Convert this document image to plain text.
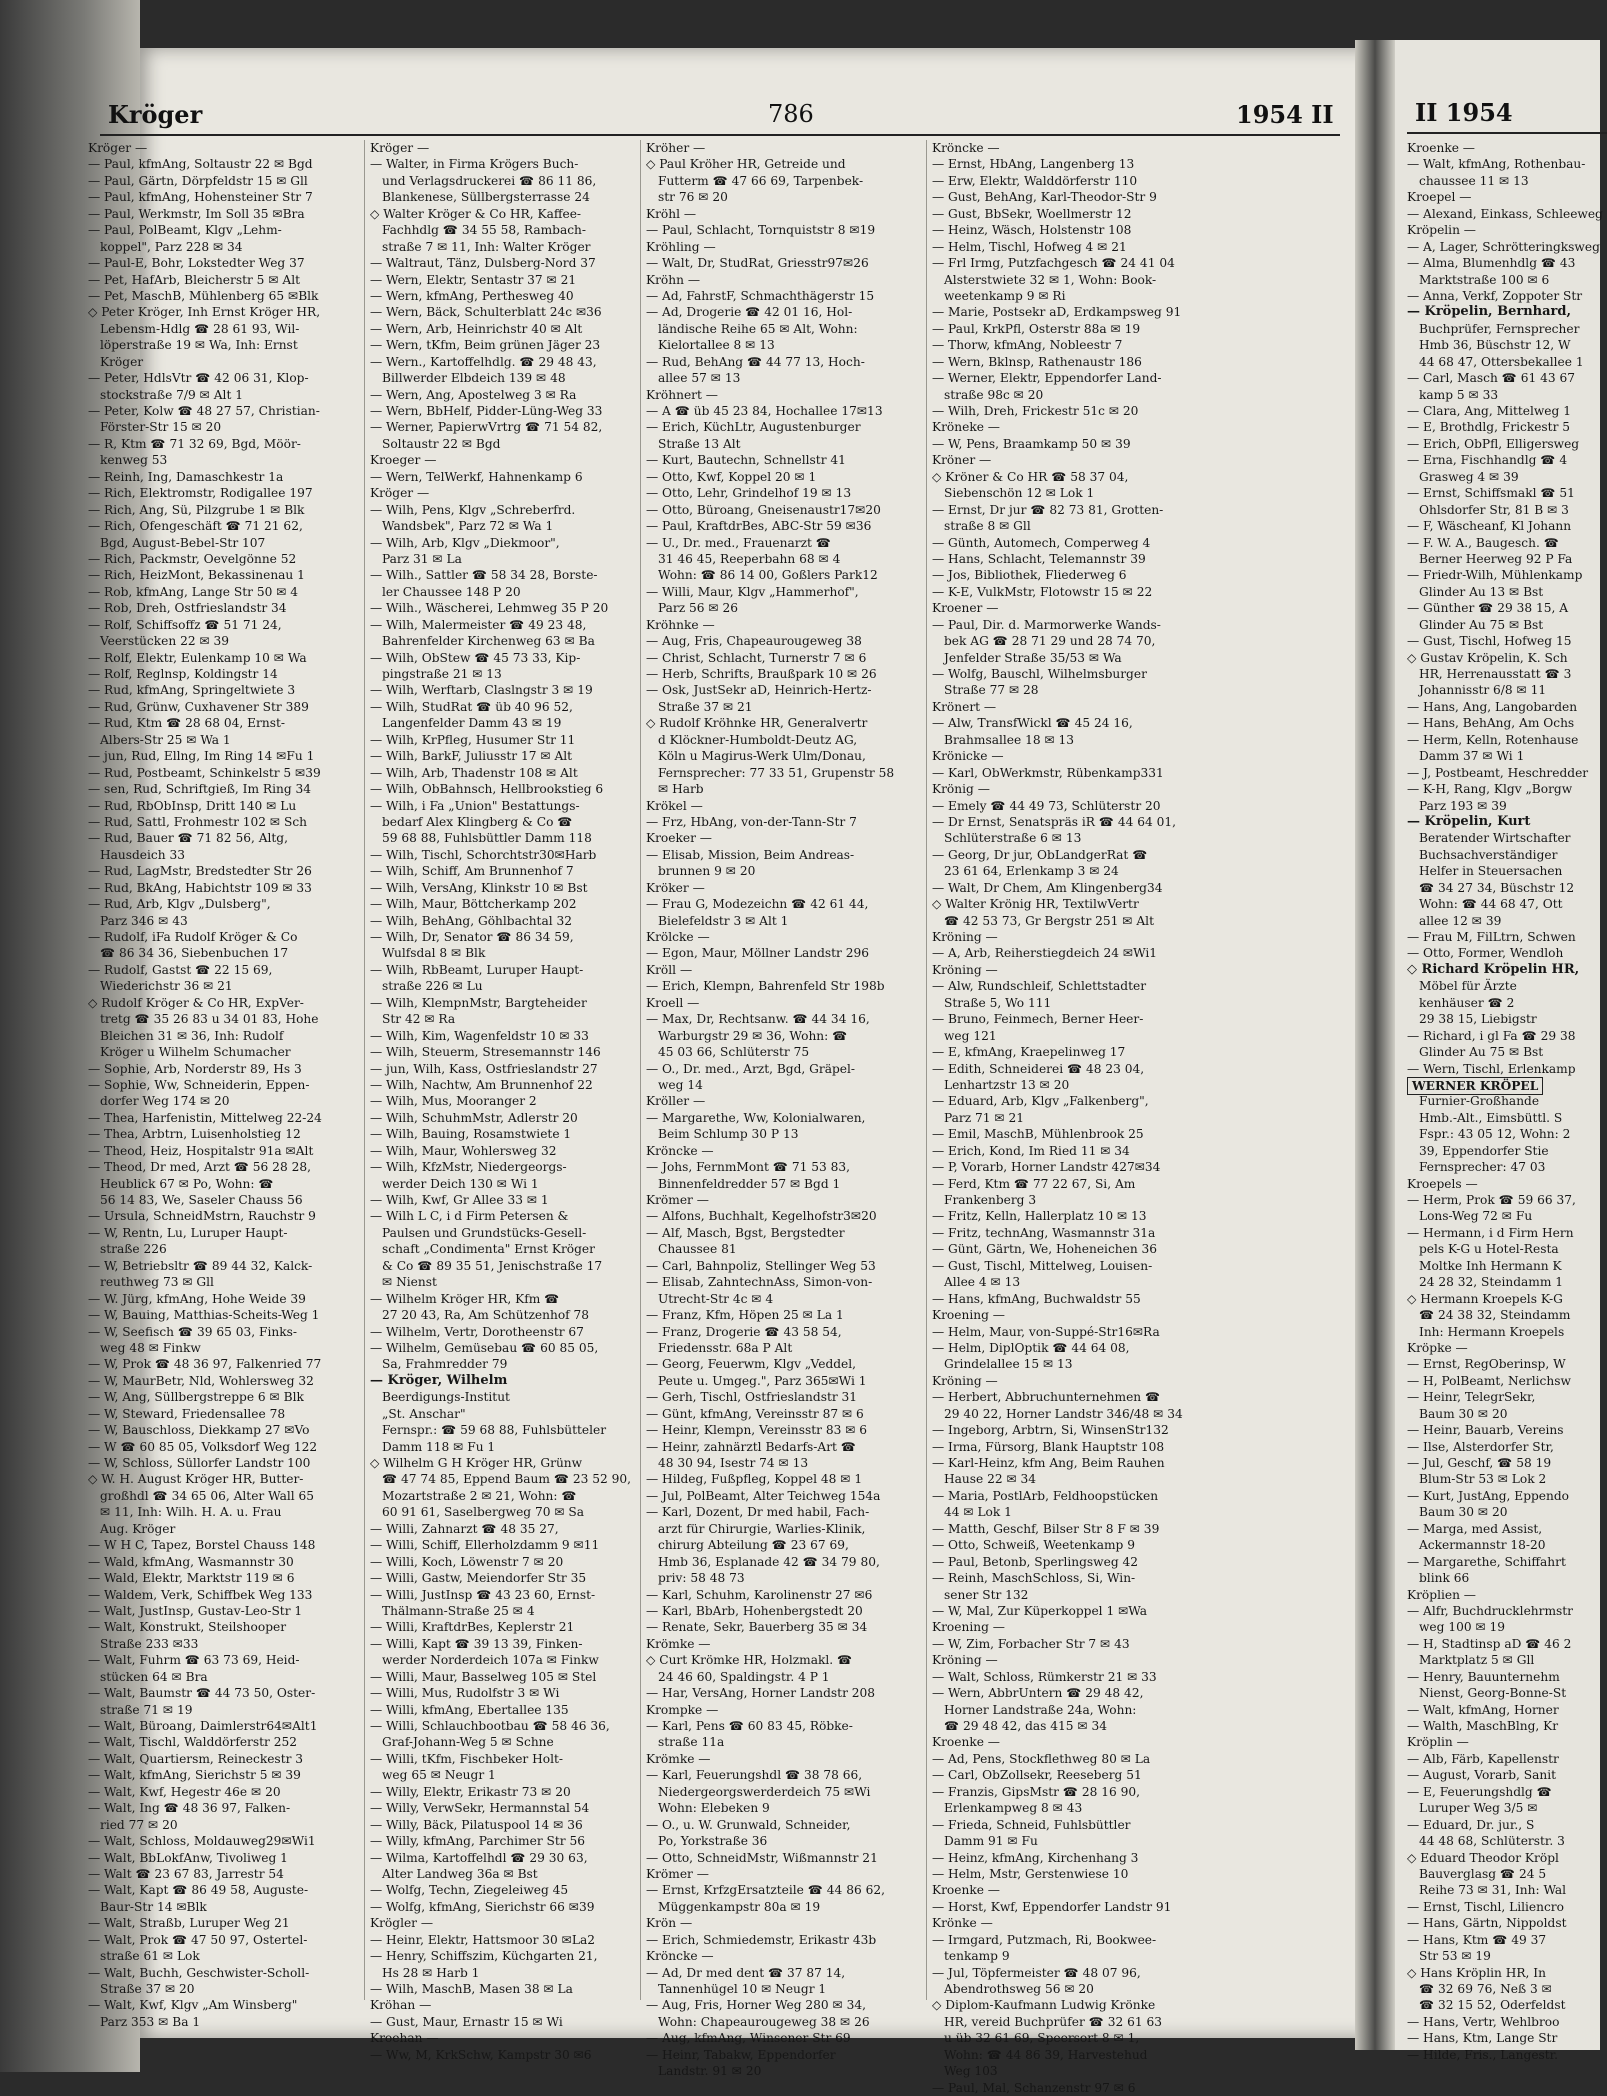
Kröger	786	1954 II
Kröger —
— Paul, kfmAng, Soltaustr 22 ✉ Bgd
— Paul, Gärtn, Dörpfeldstr 15 ✉ Gll
— Paul, kfmAng, Hohensteiner Str 7
— Paul, Werkmstr, Im Soll 35 ✉Bra
— Paul, PolBeamt, Klgv „Lehm-
koppel", Parz 228 ✉ 34
— Paul-E, Bohr, Lokstedter Weg 37
— Pet, HafArb, Bleicherstr 5 ✉ Alt
— Pet, MaschB, Mühlenberg 65 ✉Blk
◇ Peter Kröger, Inh Ernst Kröger HR,
Lebensm-Hdlg ☎ 28 61 93, Wil-
löperstraße 19 ✉ Wa, Inh: Ernst
Kröger
— Peter, HdlsVtr ☎ 42 06 31, Klop-
stockstraße 7/9 ✉ Alt 1
— Peter, Kolw ☎ 48 27 57, Christian-
Förster-Str 15 ✉ 20
— R, Ktm ☎ 71 32 69, Bgd, Möör-
kenweg 53
— Reinh, Ing, Damaschkestr 1a
— Rich, Elektromstr, Rodigallee 197
— Rich, Ang, Sü, Pilzgrube 1 ✉ Blk
— Rich, Ofengeschäft ☎ 71 21 62,
Bgd, August-Bebel-Str 107
— Rich, Packmstr, Oevelgönne 52
— Rich, HeizMont, Bekassinenau 1
— Rob, kfmAng, Lange Str 50 ✉ 4
— Rob, Dreh, Ostfrieslandstr 34
— Rolf, Schiffsoffz ☎ 51 71 24,
Veerstücken 22 ✉ 39
— Rolf, Elektr, Eulenkamp 10 ✉ Wa
— Rolf, Reglnsp, Koldingstr 14
— Rud, kfmAng, Springeltwiete 3
— Rud, Grünw, Cuxhavener Str 389
— Rud, Ktm ☎ 28 68 04, Ernst-
Albers-Str 25 ✉ Wa 1
— jun, Rud, Ellng, Im Ring 14 ✉Fu 1
— Rud, Postbeamt, Schinkelstr 5 ✉39
— sen, Rud, Schriftgieß, Im Ring 34
— Rud, RbObInsp, Dritt 140 ✉ Lu
— Rud, Sattl, Frohmestr 102 ✉ Sch
— Rud, Bauer ☎ 71 82 56, Altg,
Hausdeich 33
— Rud, LagMstr, Bredstedter Str 26
— Rud, BkAng, Habichtstr 109 ✉ 33
— Rud, Arb, Klgv „Dulsberg",
Parz 346 ✉ 43
— Rudolf, iFa Rudolf Kröger & Co
☎ 86 34 36, Siebenbuchen 17
— Rudolf, Gastst ☎ 22 15 69,
Wiederichstr 36 ✉ 21
◇ Rudolf Kröger & Co HR, ExpVer-
tretg ☎ 35 26 83 u 34 01 83, Hohe
Bleichen 31 ✉ 36, Inh: Rudolf
Kröger u Wilhelm Schumacher
— Sophie, Arb, Norderstr 89, Hs 3
— Sophie, Ww, Schneiderin, Eppen-
dorfer Weg 174 ✉ 20
— Thea, Harfenistin, Mittelweg 22-24
— Thea, Arbtrn, Luisenholstieg 12
— Theod, Heiz, Hospitalstr 91a ✉Alt
— Theod, Dr med, Arzt ☎ 56 28 28,
Heublick 67 ✉ Po, Wohn: ☎
56 14 83, We, Saseler Chauss 56
— Ursula, SchneidMstrn, Rauchstr 9
— W, Rentn, Lu, Luruper Haupt-
straße 226
— W, Betriebsltr ☎ 89 44 32, Kalck-
reuthweg 73 ✉ Gll
— W. Jürg, kfmAng, Hohe Weide 39
— W, Bauing, Matthias-Scheits-Weg 1
— W, Seefisch ☎ 39 65 03, Finks-
weg 48 ✉ Finkw
— W, Prok ☎ 48 36 97, Falkenried 77
— W, MaurBetr, Nld, Wohlersweg 32
— W, Ang, Süllbergstreppe 6 ✉ Blk
— W, Steward, Friedensallee 78
— W, Bauschloss, Diekkamp 27 ✉Vo
— W ☎ 60 85 05, Volksdorf Weg 122
— W, Schloss, Süllorfer Landstr 100
◇ W. H. August Kröger HR, Butter-
großhdl ☎ 34 65 06, Alter Wall 65
✉ 11, Inh: Wilh. H. A. u. Frau
Aug. Kröger
— W H C, Tapez, Borstel Chauss 148
— Wald, kfmAng, Wasmannstr 30
— Wald, Elektr, Marktstr 119 ✉ 6
— Waldem, Verk, Schiffbek Weg 133
— Walt, JustInsp, Gustav-Leo-Str 1
— Walt, Konstrukt, Steilshooper
Straße 233 ✉33
— Walt, Fuhrm ☎ 63 73 69, Heid-
stücken 64 ✉ Bra
— Walt, Baumstr ☎ 44 73 50, Oster-
straße 71 ✉ 19
— Walt, Büroang, Daimlerstr64✉Alt1
— Walt, Tischl, Walddörferstr 252
— Walt, Quartiersm, Reineckestr 3
— Walt, kfmAng, Sierichstr 5 ✉ 39
— Walt, Kwf, Hegestr 46e ✉ 20
— Walt, Ing ☎ 48 36 97, Falken-
ried 77 ✉ 20
— Walt, Schloss, Moldauweg29✉Wi1
— Walt, BbLokfAnw, Tivoliweg 1
— Walt ☎ 23 67 83, Jarrestr 54
— Walt, Kapt ☎ 86 49 58, Auguste-
Baur-Str 14 ✉Blk
— Walt, Straßb, Luruper Weg 21
— Walt, Prok ☎ 47 50 97, Ostertel-
straße 61 ✉ Lok
— Walt, Buchh, Geschwister-Scholl-
Straße 37 ✉ 20
— Walt, Kwf, Klgv „Am Winsberg"
Parz 353 ✉ Ba 1
Kröger —
— Walter, in Firma Krögers Buch-
und Verlagsdruckerei ☎ 86 11 86,
Blankenese, Süllbergsterrasse 24
◇ Walter Kröger & Co HR, Kaffee-
Fachhdlg ☎ 34 55 58, Rambach-
straße 7 ✉ 11, Inh: Walter Kröger
— Waltraut, Tänz, Dulsberg-Nord 37
— Wern, Elektr, Sentastr 37 ✉ 21
— Wern, kfmAng, Perthesweg 40
— Wern, Bäck, Schulterblatt 24c ✉36
— Wern, Arb, Heinrichstr 40 ✉ Alt
— Wern, tKfm, Beim grünen Jäger 23
— Wern., Kartoffelhdlg. ☎ 29 48 43,
Billwerder Elbdeich 139 ✉ 48
— Wern, Ang, Apostelweg 3 ✉ Ra
— Wern, BbHelf, Pidder-Lüng-Weg 33
— Werner, PapierwVrtrg ☎ 71 54 82,
Soltaustr 22 ✉ Bgd
Kroeger —
— Wern, TelWerkf, Hahnenkamp 6
Kröger —
— Wilh, Pens, Klgv „Schreberfrd.
Wandsbek", Parz 72 ✉ Wa 1
— Wilh, Arb, Klgv „Diekmoor",
Parz 31 ✉ La
— Wilh., Sattler ☎ 58 34 28, Borste-
ler Chaussee 148 P 20
— Wilh., Wäscherei, Lehmweg 35 P 20
— Wilh, Malermeister ☎ 49 23 48,
Bahrenfelder Kirchenweg 63 ✉ Ba
— Wilh, ObStew ☎ 45 73 33, Kip-
pingstraße 21 ✉ 13
— Wilh, Werftarb, Claslngstr 3 ✉ 19
— Wilh, StudRat ☎ üb 40 96 52,
Langenfelder Damm 43 ✉ 19
— Wilh, KrPfleg, Husumer Str 11
— Wilh, BarkF, Juliusstr 17 ✉ Alt
— Wilh, Arb, Thadenstr 108 ✉ Alt
— Wilh, ObBahnsch, Hellbrookstieg 6
— Wilh, i Fa „Union" Bestattungs-
bedarf Alex Klingberg & Co ☎
59 68 88, Fuhlsbüttler Damm 118
— Wilh, Tischl, Schorchtstr30✉Harb
— Wilh, Schiff, Am Brunnenhof 7
— Wilh, VersAng, Klinkstr 10 ✉ Bst
— Wilh, Maur, Böttcherkamp 202
— Wilh, BehAng, Göhlbachtal 32
— Wilh, Dr, Senator ☎ 86 34 59,
Wulfsdal 8 ✉ Blk
— Wilh, RbBeamt, Luruper Haupt-
straße 226 ✉ Lu
— Wilh, KlempnMstr, Bargteheider
Str 42 ✉ Ra
— Wilh, Kim, Wagenfeldstr 10 ✉ 33
— Wilh, Steuerm, Stresemannstr 146
— jun, Wilh, Kass, Ostfrieslandstr 27
— Wilh, Nachtw, Am Brunnenhof 22
— Wilh, Mus, Mooranger 2
— Wilh, SchuhmMstr, Adlerstr 20
— Wilh, Bauing, Rosamstwiete 1
— Wilh, Maur, Wohlersweg 32
— Wilh, KfzMstr, Niedergeorgs-
werder Deich 130 ✉ Wi 1
— Wilh, Kwf, Gr Allee 33 ✉ 1
— Wilh L C, i d Firm Petersen &
Paulsen und Grundstücks-Gesell-
schaft „Condimenta" Ernst Kröger
& Co ☎ 89 35 51, Jenischstraße 17
✉ Nienst
— Wilhelm Kröger HR, Kfm ☎
27 20 43, Ra, Am Schützenhof 78
— Wilhelm, Vertr, Dorotheenstr 67
— Wilhelm, Gemüsebau ☎ 60 85 05,
Sa, Frahmredder 79
— Kröger, Wilhelm
Beerdigungs-Institut
„St. Anschar"
Fernspr.: ☎ 59 68 88, Fuhlsbütteler
Damm 118 ✉ Fu 1
◇ Wilhelm G H Kröger HR, Grünw
☎ 47 74 85, Eppend Baum ☎ 23 52 90,
Mozartstraße 2 ✉ 21, Wohn: ☎
60 91 61, Saselbergweg 70 ✉ Sa
— Willi, Zahnarzt ☎ 48 35 27,
— Willi, Schiff, Ellerholzdamm 9 ✉11
— Willi, Koch, Löwenstr 7 ✉ 20
— Willi, Gastw, Meiendorfer Str 35
— Willi, JustInsp ☎ 43 23 60, Ernst-
Thälmann-Straße 25 ✉ 4
— Willi, KraftdrBes, Keplerstr 21
— Willi, Kapt ☎ 39 13 39, Finken-
werder Norderdeich 107a ✉ Finkw
— Willi, Maur, Basselweg 105 ✉ Stel
— Willi, Mus, Rudolfstr 3 ✉ Wi
— Willi, kfmAng, Ebertallee 135
— Willi, Schlauchbootbau ☎ 58 46 36,
Graf-Johann-Weg 5 ✉ Schne
— Willi, tKfm, Fischbeker Holt-
weg 65 ✉ Neugr 1
— Willy, Elektr, Erikastr 73 ✉ 20
— Willy, VerwSekr, Hermannstal 54
— Willy, Bäck, Pilatuspool 14 ✉ 36
— Willy, kfmAng, Parchimer Str 56
— Wilma, Kartoffelhdl ☎ 29 30 63,
Alter Landweg 36a ✉ Bst
— Wolfg, Techn, Ziegeleiweg 45
— Wolfg, kfmAng, Sierichstr 66 ✉39
Krögler —
— Heinr, Elektr, Hattsmoor 30 ✉La2
— Henry, Schiffszim, Küchgarten 21,
Hs 28 ✉ Harb 1
— Wilh, MaschB, Masen 38 ✉ La
Kröhan —
— Gust, Maur, Ernastr 15 ✉ Wi
Kroehan —
— Ww, M, KrkSchw, Kampstr 30 ✉6
Kröher —
◇ Paul Kröher HR, Getreide und
Futterm ☎ 47 66 69, Tarpenbek-
str 76 ✉ 20
Kröhl —
— Paul, Schlacht, Tornquiststr 8 ✉19
Kröhling —
— Walt, Dr, StudRat, Griesstr97✉26
Kröhn —
— Ad, FahrstF, Schmachthägerstr 15
— Ad, Drogerie ☎ 42 01 16, Hol-
ländische Reihe 65 ✉ Alt, Wohn:
Kielortallee 8 ✉ 13
— Rud, BehAng ☎ 44 77 13, Hoch-
allee 57 ✉ 13
Kröhnert —
— A ☎ üb 45 23 84, Hochallee 17✉13
— Erich, KüchLtr, Augustenburger
Straße 13 Alt
— Kurt, Bautechn, Schnellstr 41
— Otto, Kwf, Koppel 20 ✉ 1
— Otto, Lehr, Grindelhof 19 ✉ 13
— Otto, Büroang, Gneisenaustr17✉20
— Paul, KraftdrBes, ABC-Str 59 ✉36
— U., Dr. med., Frauenarzt ☎
31 46 45, Reeperbahn 68 ✉ 4
Wohn: ☎ 86 14 00, Goßlers Park12
— Willi, Maur, Klgv „Hammerhof",
Parz 56 ✉ 26
Kröhnke —
— Aug, Fris, Chapeaurougeweg 38
— Christ, Schlacht, Turnerstr 7 ✉ 6
— Herb, Schrifts, Braußpark 10 ✉ 26
— Osk, JustSekr aD, Heinrich-Hertz-
Straße 37 ✉ 21
◇ Rudolf Kröhnke HR, Generalvertr
d Klöckner-Humboldt-Deutz AG,
Köln u Magirus-Werk Ulm/Donau,
Fernsprecher: 77 33 51, Grupenstr 58
✉ Harb
Krökel —
— Frz, HbAng, von-der-Tann-Str 7
Kroeker —
— Elisab, Mission, Beim Andreas-
brunnen 9 ✉ 20
Kröker —
— Frau G, Modezeichn ☎ 42 61 44,
Bielefeldstr 3 ✉ Alt 1
Krölcke —
— Egon, Maur, Möllner Landstr 296
Kröll —
— Erich, Klempn, Bahrenfeld Str 198b
Kroell —
— Max, Dr, Rechtsanw. ☎ 44 34 16,
Warburgstr 29 ✉ 36, Wohn: ☎
45 03 66, Schlüterstr 75
— O., Dr. med., Arzt, Bgd, Gräpel-
weg 14
Kröller —
— Margarethe, Ww, Kolonialwaren,
Beim Schlump 30 P 13
Kröncke —
— Johs, FernmMont ☎ 71 53 83,
Binnenfeldredder 57 ✉ Bgd 1
Krömer —
— Alfons, Buchhalt, Kegelhofstr3✉20
— Alf, Masch, Bgst, Bergstedter
Chaussee 81
— Carl, Bahnpoliz, Stellinger Weg 53
— Elisab, ZahntechnAss, Simon-von-
Utrecht-Str 4c ✉ 4
— Franz, Kfm, Höpen 25 ✉ La 1
— Franz, Drogerie ☎ 43 58 54,
Friedensstr. 68a P Alt
— Georg, Feuerwm, Klgv „Veddel,
Peute u. Umgeg.", Parz 365✉Wi 1
— Gerh, Tischl, Ostfrieslandstr 31
— Günt, kfmAng, Vereinsstr 87 ✉ 6
— Heinr, Klempn, Vereinsstr 83 ✉ 6
— Heinr, zahnärztl Bedarfs-Art ☎
48 30 94, Isestr 74 ✉ 13
— Hildeg, Fußpfleg, Koppel 48 ✉ 1
— Jul, PolBeamt, Alter Teichweg 154a
— Karl, Dozent, Dr med habil, Fach-
arzt für Chirurgie, Warlies-Klinik,
chirurg Abteilung ☎ 23 67 69,
Hmb 36, Esplanade 42 ☎ 34 79 80,
priv: 58 48 73
— Karl, Schuhm, Karolinenstr 27 ✉6
— Karl, BbArb, Hohenbergstedt 20
— Renate, Sekr, Bauerberg 35 ✉ 34
Krömke —
◇ Curt Krömke HR, Holzmakl. ☎
24 46 60, Spaldingstr. 4 P 1
— Har, VersAng, Horner Landstr 208
Krompke —
— Karl, Pens ☎ 60 83 45, Röbke-
straße 11a
Krömke —
— Karl, Feuerungshdl ☎ 38 78 66,
Niedergeorgswerderdeich 75 ✉Wi
Wohn: Elebeken 9
— O., u. W. Grunwald, Schneider,
Po, Yorkstraße 36
— Otto, SchneidMstr, Wißmannstr 21
Krömer —
— Ernst, KrfzgErsatzteile ☎ 44 86 62,
Müggenkampstr 80a ✉ 19
Krön —
— Erich, Schmiedemstr, Erikastr 43b
Kröncke —
— Ad, Dr med dent ☎ 37 87 14,
Tannenhügel 10 ✉ Neugr 1
— Aug, Fris, Horner Weg 280 ✉ 34,
Wohn: Chapeaurougeweg 38 ✉ 26
— Aug, kfmAng, Winsener Str 69
— Heinr, Tabakw, Eppendorfer
Landstr. 91 ✉ 20
Kröncke —
— Ernst, HbAng, Langenberg 13
— Erw, Elektr, Walddörferstr 110
— Gust, BehAng, Karl-Theodor-Str 9
— Gust, BbSekr, Woellmerstr 12
— Heinz, Wäsch, Holstenstr 108
— Helm, Tischl, Hofweg 4 ✉ 21
— Frl Irmg, Putzfachgesch ☎ 24 41 04
Alsterstwiete 32 ✉ 1, Wohn: Book-
weetenkamp 9 ✉ Ri
— Marie, Postsekr aD, Erdkampsweg 91
— Paul, KrkPfl, Osterstr 88a ✉ 19
— Thorw, kfmAng, Nobleestr 7
— Wern, Bklnsp, Rathenaustr 186
— Werner, Elektr, Eppendorfer Land-
straße 98c ✉ 20
— Wilh, Dreh, Frickestr 51c ✉ 20
Kröneke —
— W, Pens, Braamkamp 50 ✉ 39
Kröner —
◇ Kröner & Co HR ☎ 58 37 04,
Siebenschön 12 ✉ Lok 1
— Ernst, Dr jur ☎ 82 73 81, Grotten-
straße 8 ✉ Gll
— Günth, Automech, Comperweg 4
— Hans, Schlacht, Telemannstr 39
— Jos, Bibliothek, Fliederweg 6
— K-E, VulkMstr, Flotowstr 15 ✉ 22
Kroener —
— Paul, Dir. d. Marmorwerke Wands-
bek AG ☎ 28 71 29 und 28 74 70,
Jenfelder Straße 35/53 ✉ Wa
— Wolfg, Bauschl, Wilhelmsburger
Straße 77 ✉ 28
Krönert —
— Alw, TransfWickl ☎ 45 24 16,
Brahmsallee 18 ✉ 13
Krönicke —
— Karl, ObWerkmstr, Rübenkamp331
Krönig —
— Emely ☎ 44 49 73, Schlüterstr 20
— Dr Ernst, Senatspräs iR ☎ 44 64 01,
Schlüterstraße 6 ✉ 13
— Georg, Dr jur, ObLandgerRat ☎
23 61 64, Erlenkamp 3 ✉ 24
— Walt, Dr Chem, Am Klingenberg34
◇ Walter Krönig HR, TextilwVertr
☎ 42 53 73, Gr Bergstr 251 ✉ Alt
Kröning —
— A, Arb, Reiherstiegdeich 24 ✉Wi1
Kröning —
— Alw, Rundschleif, Schlettstadter
Straße 5, Wo 111
— Bruno, Feinmech, Berner Heer-
weg 121
— E, kfmAng, Kraepelinweg 17
— Edith, Schneiderei ☎ 48 23 04,
Lenhartzstr 13 ✉ 20
— Eduard, Arb, Klgv „Falkenberg",
Parz 71 ✉ 21
— Emil, MaschB, Mühlenbrook 25
— Erich, Kond, Im Ried 11 ✉ 34
— P, Vorarb, Horner Landstr 427✉34
— Ferd, Ktm ☎ 77 22 67, Si, Am
Frankenberg 3
— Fritz, Kelln, Hallerplatz 10 ✉ 13
— Fritz, technAng, Wasmannstr 31a
— Günt, Gärtn, We, Hoheneichen 36
— Gust, Tischl, Mittelweg, Louisen-
Allee 4 ✉ 13
— Hans, kfmAng, Buchwaldstr 55
Kroening —
— Helm, Maur, von-Suppé-Str16✉Ra
— Helm, DiplOptik ☎ 44 64 08,
Grindelallee 15 ✉ 13
Kröning —
— Herbert, Abbruchunternehmen ☎
29 40 22, Horner Landstr 346/48 ✉ 34
— Ingeborg, Arbtrn, Si, WinsenStr132
— Irma, Fürsorg, Blank Hauptstr 108
— Karl-Heinz, kfm Ang, Beim Rauhen
Hause 22 ✉ 34
— Maria, PostlArb, Feldhoopstücken
44 ✉ Lok 1
— Matth, Geschf, Bilser Str 8 F ✉ 39
— Otto, Schweiß, Weetenkamp 9
— Paul, Betonb, Sperlingsweg 42
— Reinh, MaschSchloss, Si, Win-
sener Str 132
— W, Mal, Zur Küperkoppel 1 ✉Wa
Kroening —
— W, Zim, Forbacher Str 7 ✉ 43
Kröning —
— Walt, Schloss, Rümkerstr 21 ✉ 33
— Wern, AbbrUntern ☎ 29 48 42,
Horner Landstraße 24a, Wohn:
☎ 29 48 42, das 415 ✉ 34
Kroenke —
— Ad, Pens, Stockflethweg 80 ✉ La
— Carl, ObZollsekr, Reeseberg 51
— Franzis, GipsMstr ☎ 28 16 90,
Erlenkampweg 8 ✉ 43
— Frieda, Schneid, Fuhlsbüttler
Damm 91 ✉ Fu
— Heinz, kfmAng, Kirchenhang 3
— Helm, Mstr, Gerstenwiese 10
Kroenke —
— Horst, Kwf, Eppendorfer Landstr 91
Krönke —
— Irmgard, Putzmach, Ri, Bookwee-
tenkamp 9
— Jul, Töpfermeister ☎ 48 07 96,
Abendrothsweg 56 ✉ 20
◇ Diplom-Kaufmann Ludwig Krönke
HR, vereid Buchprüfer ☎ 32 61 63
u üb 32 61 69, Speersort 8 ✉ 1,
Wohn: ☎ 44 86 39, Harvestehud
Weg 103
— Paul, Mal, Schanzenstr 97 ✉ 6
II 1954
Kroenke —
— Walt, kfmAng, Rothenbau-
chaussee 11 ✉ 13
Kroepel —
— Alexand, Einkass, Schleeweg
Kröpelin —
— A, Lager, Schrötteringksweg
— Alma, Blumenhdlg ☎ 43
Marktstraße 100 ✉ 6
— Anna, Verkf, Zoppoter Str
— Kröpelin, Bernhard,
Buchprüfer, Fernsprecher
Hmb 36, Büschstr 12, W
44 68 47, Ottersbekallee 1
— Carl, Masch ☎ 61 43 67
kamp 5 ✉ 33
— Clara, Ang, Mittelweg 1
— E, Brothdlg, Frickestr 5
— Erich, ObPfl, Elligersweg
— Erna, Fischhandlg ☎ 4
Grasweg 4 ✉ 39
— Ernst, Schiffsmakl ☎ 51
Ohlsdorfer Str, 81 B ✉ 3
— F, Wäscheanf, Kl Johann
— F. W. A., Baugesch. ☎
Berner Heerweg 92 P Fa
— Friedr-Wilh, Mühlenkamp
Glinder Au 13 ✉ Bst
— Günther ☎ 29 38 15, A
Glinder Au 75 ✉ Bst
— Gust, Tischl, Hofweg 15
◇ Gustav Kröpelin, K. Sch
HR, Herrenausstatt ☎ 3
Johannisstr 6/8 ✉ 11
— Hans, Ang, Langobarden
— Hans, BehAng, Am Ochs
— Herm, Kelln, Rotenhause
Damm 37 ✉ Wi 1
— J, Postbeamt, Heschredder
— K-H, Rang, Klgv „Borgw
Parz 193 ✉ 39
— Kröpelin, Kurt
Beratender Wirtschafter
Buchsachverständiger
Helfer in Steuersachen
☎ 34 27 34, Büschstr 12
Wohn: ☎ 44 68 47, Ott
allee 12 ✉ 39
— Frau M, FilLtrn, Schwen
— Otto, Former, Wendloh
◇ Richard Kröpelin HR,
Möbel für Ärzte
kenhäuser ☎ 2
29 38 15, Liebigstr
— Richard, i gl Fa ☎ 29 38
Glinder Au 75 ✉ Bst
— Wern, Tischl, Erlenkamp
WERNER KRÖPEL
Furnier-Großhande
Hmb.-Alt., Eimsbüttl. S
Fspr.: 43 05 12, Wohn: 2
39, Eppendorfer Stie
Fernsprecher: 47 03
Kroepels —
— Herm, Prok ☎ 59 66 37,
Lons-Weg 72 ✉ Fu
— Hermann, i d Firm Hern
pels K-G u Hotel-Resta
Moltke Inh Hermann K
24 28 32, Steindamm 1
◇ Hermann Kroepels K-G
☎ 24 38 32, Steindamm
Inh: Hermann Kroepels
Kröpke —
— Ernst, RegOberinsp, W
— H, PolBeamt, Nerlichsw
— Heinr, TelegrSekr,
Baum 30 ✉ 20
— Heinr, Bauarb, Vereins
— Ilse, Alsterdorfer Str,
— Jul, Geschf, ☎ 58 19
Blum-Str 53 ✉ Lok 2
— Kurt, JustAng, Eppendo
Baum 30 ✉ 20
— Marga, med Assist,
Ackermannstr 18-20
— Margarethe, Schiffahrt
blink 66
Kröplien —
— Alfr, Buchdrucklehrmstr
weg 100 ✉ 19
— H, Stadtinsp aD ☎ 46 2
Marktplatz 5 ✉ Gll
— Henry, Bauunternehm
Nienst, Georg-Bonne-St
— Walt, kfmAng, Horner
— Walth, MaschBlng, Kr
Kröplin —
— Alb, Färb, Kapellenstr
— August, Vorarb, Sanit
— E, Feuerungshdlg ☎
Luruper Weg 3/5 ✉
— Eduard, Dr. jur., S
44 48 68, Schlüterstr. 3
◇ Eduard Theodor Kröpl
Bauverglasg ☎ 24 5
Reihe 73 ✉ 31, Inh: Wal
— Ernst, Tischl, Liliencro
— Hans, Gärtn, Nippoldst
— Hans, Ktm ☎ 49 37
Str 53 ✉ 19
◇ Hans Kröplin HR, In
☎ 32 69 76, Neß 3 ✉
☎ 32 15 52, Oderfeldst
— Hans, Vertr, Wehlbroo
— Hans, Ktm, Lange Str
— Hilde, Fris., Langestr.
